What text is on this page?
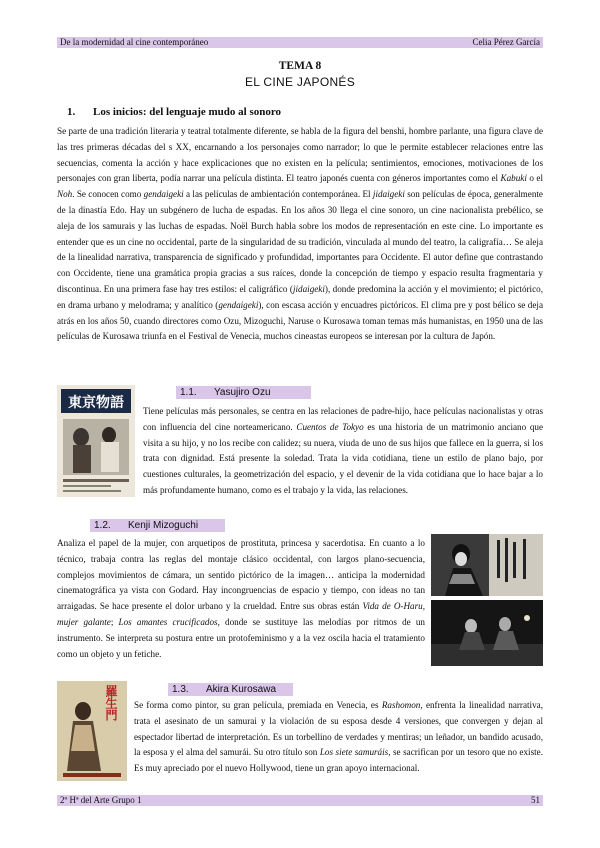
De la modernidad al cine contemporáneo	Celia Pérez García
TEMA 8
EL CINE JAPONÉS
1. Los inicios: del lenguaje mudo al sonoro

Se parte de una tradición literaria y teatral totalmente diferente, se habla de la figura del benshi, hombre parlante, una figura clave de las tres primeras décadas del s XX, encarnando a los personajes como narrador; lo que le permite establecer relaciones entre las secuencias, comenta la acción y hace explicaciones que no existen en la película; sentimientos, emociones, motivaciones de los personajes con gran liberta, podía narrar una película distinta. El teatro japonés cuenta con géneros importantes como el Kabuki o el Noh. Se conocen como gendaigeki a las películas de ambientación contemporánea. El jidaigeki son películas de época, generalmente de la dinastía Edo. Hay un subgénero de lucha de espadas. En los años 30 llega el cine sonoro, un cine nacionalista prebélico, se aleja de los samurais y las luchas de espadas. Noël Burch habla sobre los modos de representación en este cine. Lo importante es entender que es un cine no occidental, parte de la singularidad de su tradición, vinculada al mundo del teatro, la caligrafía… Se aleja de la linealidad narrativa, transparencia de significado y profundidad, importantes para Occidente. El autor define que contrastando con Occidente, tiene una gramática propia gracias a sus raíces, donde la concepción de tiempo y espacio resulta fragmentaria y discontinua. En una primera fase hay tres estilos: el caligráfico (jidaigeki), donde predomina la acción y el movimiento; el pictórico, en drama urbano y melodrama; y analítico (gendaigeki), con escasa acción y encuadres pictóricos. El clima pre y post bélico se deja atrás en los años 50, cuando directores como Ozu, Mizoguchi, Naruse o Kurosawa toman temas más humanistas, en 1950 una de las películas de Kurosawa triunfa en el Festival de Venecia, muchos cineastas europeos se interesan por la cultura de Japón.

東京物語
1.1. Yasujiro Ozu

Tiene películas más personales, se centra en las relaciones de padre-hijo, hace películas nacionalistas y otras con influencia del cine norteamericano. Cuentos de Tokyo es una historia de un matrimonio anciano que visita a su hijo, y no los recibe con calidez; su nuera, viuda de uno de sus hijos que fallece en la guerra, si los trata con dignidad. Está presente la soledad. Trata la vida cotidiana, tiene un estilo de plano bajo, por cuestiones culturales, la geometrización del espacio, y el devenir de la vida cotidiana que lo hace bajar a lo más profundamente humano, como es el trabajo y la vida, las relaciones.

1.2. Kenji Mizoguchi

Analiza el papel de la mujer, con arquetipos de prostituta, princesa y sacerdotisa. En cuanto a lo técnico, trabaja contra las reglas del montaje clásico occidental, con largos plano-secuencia, complejos movimientos de cámara, un sentido pictórico de la imagen… anticipa la modernidad cinematográfica ya vista con Godard. Hay incongruencias de espacio y tiempo, con ideas no tan arraigadas. Se hace presente el dolor urbano y la crueldad. Entre sus obras están Vida de O-Haru, mujer galante; Los amantes crucificados, donde se sustituye las melodías por ritmos de un instrumento. Se interpreta su postura entre un protofeminismo y a la vez oscila hacia el tratamiento como un objeto y un fetiche.

羅生門	1.3. Akira Kurosawa

Se forma como pintor, su gran película, premiada en Venecia, es Rashomon, enfrenta la linealidad narrativa, trata el asesinato de un samurai y la violación de su esposa desde 4 versiones, que convergen y dejan al espectador libertad de interpretación. Es un torbellino de verdades y mentiras; un leñador, un bandido acusado, la esposa y el alma del samurái. Su otro título son Los siete samuráis, se sacrifican por un tesoro que no existe. Es muy apreciado por el nuevo Hollywood, tiene un gran apoyo internacional.

2º Hª del Arte Grupo 1	51
